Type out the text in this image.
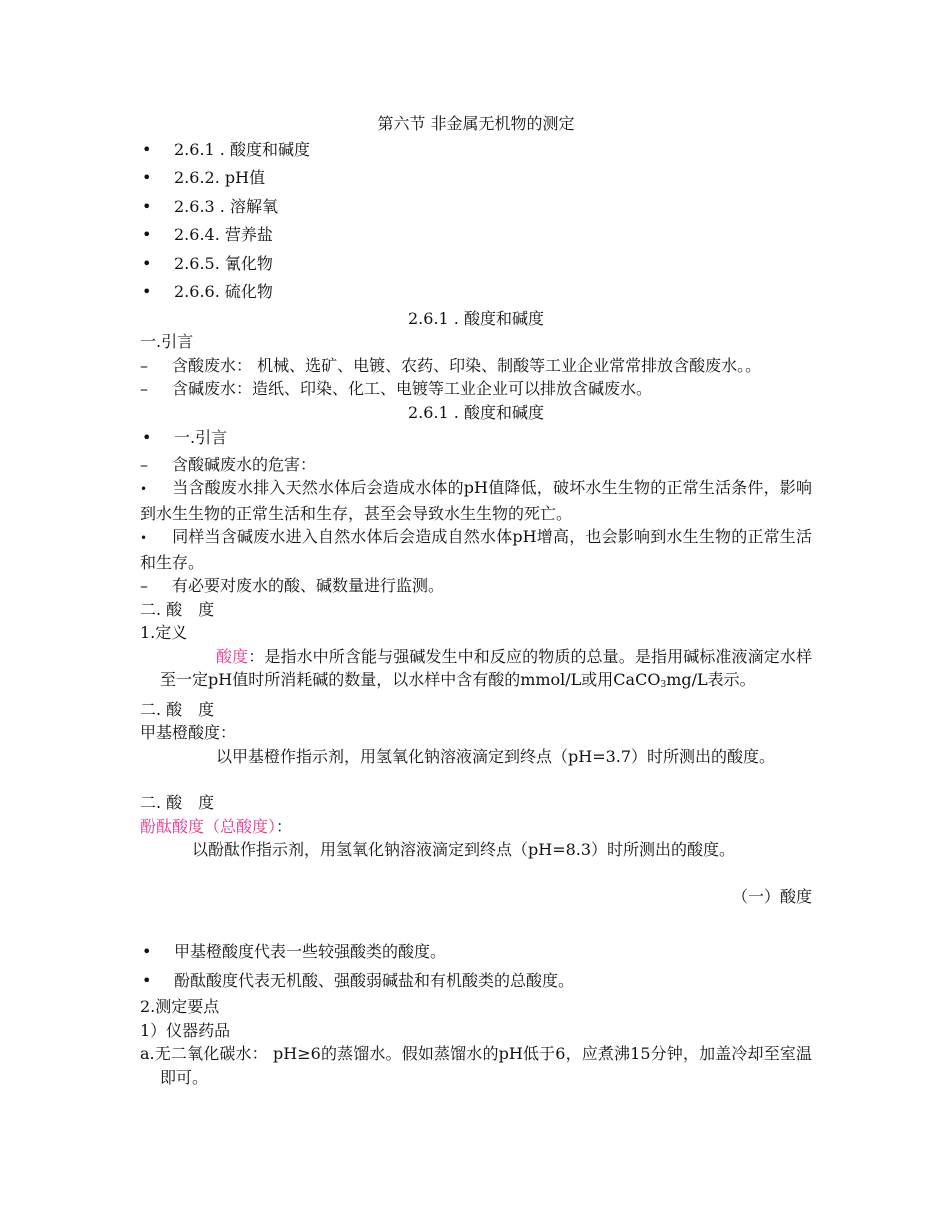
第六节 非金属无机物的测定
• 2.6.1 . 酸度和碱度
• 2.6.2. pH值
• 2.6.3 . 溶解氧
• 2.6.4. 营养盐
• 2.6.5. 氰化物
• 2.6.6. 硫化物
2.6.1 . 酸度和碱度
一.引言
– 含酸废水： 机械、选矿、电镀、农药、印染、制酸等工业企业常常排放含酸废水。。
– 含碱废水：造纸、印染、化工、电镀等工业企业可以排放含碱废水。
2.6.1 . 酸度和碱度
• 一.引言
– 含酸碱废水的危害：
• 当含酸废水排入天然水体后会造成水体的pH值降低，破坏水生生物的正常生活条件，影响到水生生物的正常生活和生存，甚至会导致水生生物的死亡。
• 同样当含碱废水进入自然水体后会造成自然水体pH增高，也会影响到水生生物的正常生活和生存。
– 有必要对废水的酸、碱数量进行监测。
二. 酸　度
1.定义
酸度：是指水中所含能与强碱发生中和反应的物质的总量。是指用碱标准液滴定水样至一定pH值时所消耗碱的数量，以水样中含有酸的mmol/L或用CaCO$_3$mg/L表示。
二. 酸　度
甲基橙酸度：
以甲基橙作指示剂，用氢氧化钠溶液滴定到终点（pH=3.7）时所测出的酸度。
二. 酸　度
酚酞酸度（总酸度）：
以酚酞作指示剂，用氢氧化钠溶液滴定到终点（pH=8.3）时所测出的酸度。
（一）酸度
• 甲基橙酸度代表一些较强酸类的酸度。
• 酚酞酸度代表无机酸、强酸弱碱盐和有机酸类的总酸度。
2.测定要点
1）仪器药品
a.无二氧化碳水： pH≥6的蒸馏水。假如蒸馏水的pH低于6，应煮沸15分钟，加盖冷却至室温即可。
